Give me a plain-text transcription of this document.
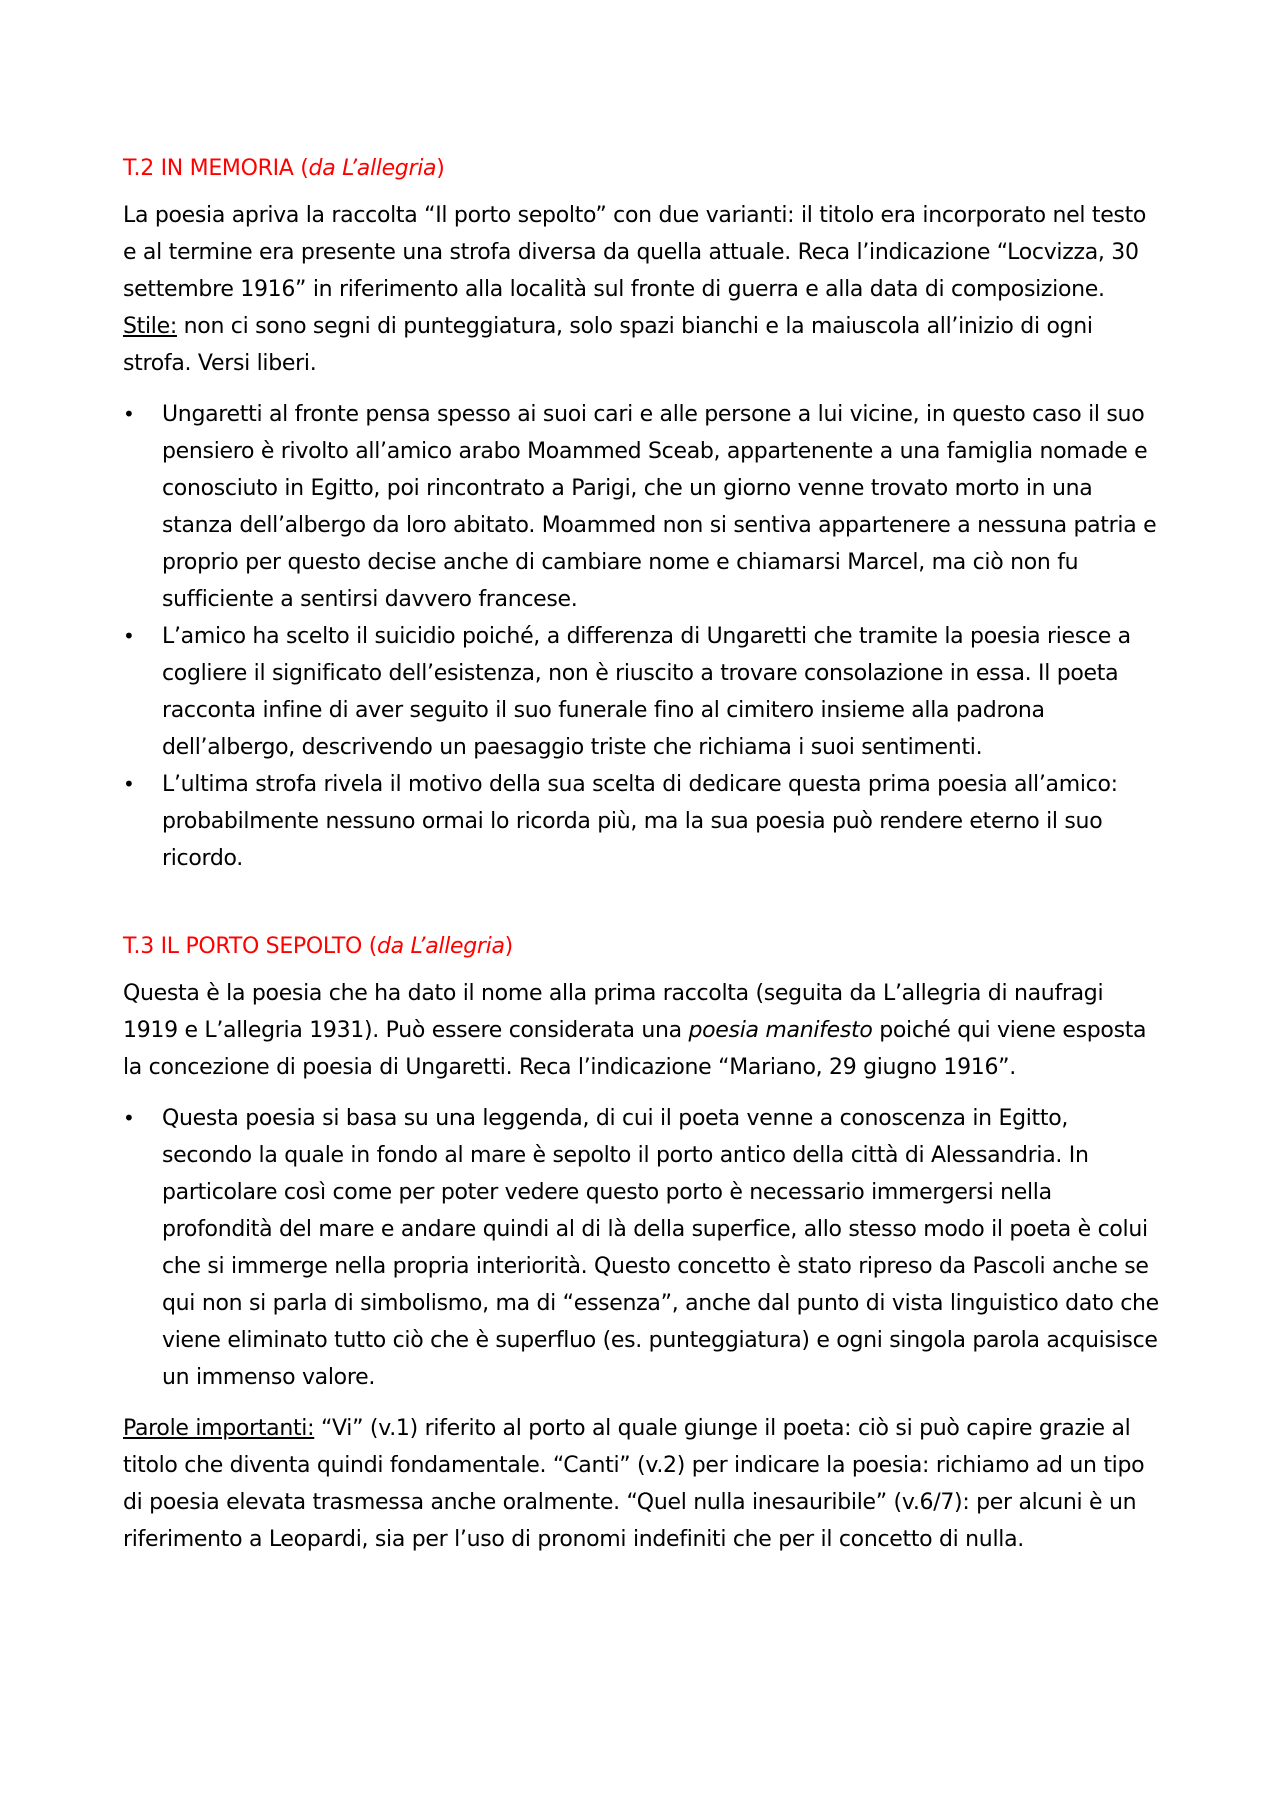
T.2 IN MEMORIA (da L’allegria)
La poesia apriva la raccolta “Il porto sepolto” con due varianti: il titolo era incorporato nel testo e al termine era presente una strofa diversa da quella attuale. Reca l’indicazione “Locvizza, 30 settembre 1916” in riferimento alla località sul fronte di guerra e alla data di composizione. Stile: non ci sono segni di punteggiatura, solo spazi bianchi e la maiuscola all’inizio di ogni strofa. Versi liberi.
•	Ungaretti al fronte pensa spesso ai suoi cari e alle persone a lui vicine, in questo caso il suo pensiero è rivolto all’amico arabo Moammed Sceab, appartenente a una famiglia nomade e conosciuto in Egitto, poi rincontrato a Parigi, che un giorno venne trovato morto in una stanza dell’albergo da loro abitato. Moammed non si sentiva appartenere a nessuna patria e proprio per questo decise anche di cambiare nome e chiamarsi Marcel, ma ciò non fu sufficiente a sentirsi davvero francese.
•	L’amico ha scelto il suicidio poiché, a differenza di Ungaretti che tramite la poesia riesce a cogliere il significato dell’esistenza, non è riuscito a trovare consolazione in essa. Il poeta racconta infine di aver seguito il suo funerale fino al cimitero insieme alla padrona dell’albergo, descrivendo un paesaggio triste che richiama i suoi sentimenti.
•	L’ultima strofa rivela il motivo della sua scelta di dedicare questa prima poesia all’amico: probabilmente nessuno ormai lo ricorda più, ma la sua poesia può rendere eterno il suo ricordo.
T.3 IL PORTO SEPOLTO (da L’allegria)
Questa è la poesia che ha dato il nome alla prima raccolta (seguita da L’allegria di naufragi 1919 e L’allegria 1931). Può essere considerata una poesia manifesto poiché qui viene esposta la concezione di poesia di Ungaretti. Reca l’indicazione “Mariano, 29 giugno 1916”.
•	Questa poesia si basa su una leggenda, di cui il poeta venne a conoscenza in Egitto, secondo la quale in fondo al mare è sepolto il porto antico della città di Alessandria. In particolare così come per poter vedere questo porto è necessario immergersi nella profondità del mare e andare quindi al di là della superfice, allo stesso modo il poeta è colui che si immerge nella propria interiorità. Questo concetto è stato ripreso da Pascoli anche se qui non si parla di simbolismo, ma di “essenza”, anche dal punto di vista linguistico dato che viene eliminato tutto ciò che è superfluo (es. punteggiatura) e ogni singola parola acquisisce un immenso valore.
Parole importanti: “Vi” (v.1) riferito al porto al quale giunge il poeta: ciò si può capire grazie al titolo che diventa quindi fondamentale. “Canti” (v.2) per indicare la poesia: richiamo ad un tipo di poesia elevata trasmessa anche oralmente. “Quel nulla inesauribile” (v.6/7): per alcuni è un riferimento a Leopardi, sia per l’uso di pronomi indefiniti che per il concetto di nulla.
